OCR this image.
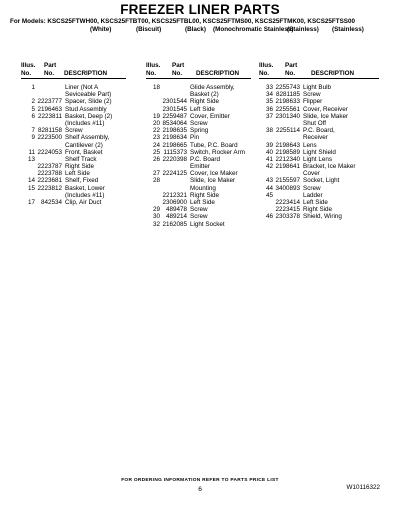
FREEZER LINER PARTS
For Models: KSCS25FTWH00, KSCS25FTBT00, KSCS25FTBL00, KSCS25FTMS00, KSCS25FTMK00, KSCS25FTSS00
(White)	(Biscuit)	(Black) (Monochromatic Stainless)
(Stainless) (Stainless)
Illus.
No.
Part
No. DESCRIPTION
1	Liner (Not A
Seviceable Part)
2 2223777 Spacer, Slide (2)
5 2196463 Stud Assembly
6 2223811 Basket, Deep (2)
(Includes #11)
7 8281158 Screw
9 2223500 Shelf Assembly,
Cantilever (2)
11 2224053 Front, Basket
13	Shelf Track
2223787 Right Side
2223788 Left Side
14 2223681 Shelf, Fixed
15 2223812 Basket, Lower
(Includes #11)
17 842534 Clip, Air Duct
Illus.
No.
Part
No. DESCRIPTION
18	Glide Assembly,
Basket (2)
2301544 Right Side
2301545 Left Side
19 2259487 Cover, Emitter
20 8534064 Screw
22 2198635 Spring
23 2198634 Pin
24 2198665 Tube, P.C. Board
25 1115373 Switch, Rocker Arm
26 2220398 P.C. Board
Emitter
27 2224125 Cover, Ice Maker
28	Slide, Ice Maker
Mounting
2212321 Right Side
2306900 Left Side
29 489478 Screw
30 489214 Screw
32 2162085 Light Socket
Illus.
No.
Part
No.	DESCRIPTION
33 2255743 Light Bulb
34 8281185 Screw
35 2198633 Flipper
36 2255561 Cover, Receiver
37 2301340 Slide, Ice Maker
Shut Off
38 2255114 P.C. Board,
Receiver
39 2198643 Lens
40 2198589 Light Shield
41 2212340 Light Lens
42 2198641 Bracket, Ice Maker
Cover
43 2155597 Socket, Light
44 3400893 Screw
45	Ladder
2223414 Left Side
2223415 Right Side
46 2303378 Shield, Wiring
FOR ORDERING INFORMATION REFER TO PARTS PRICE LIST
6	W10116322
